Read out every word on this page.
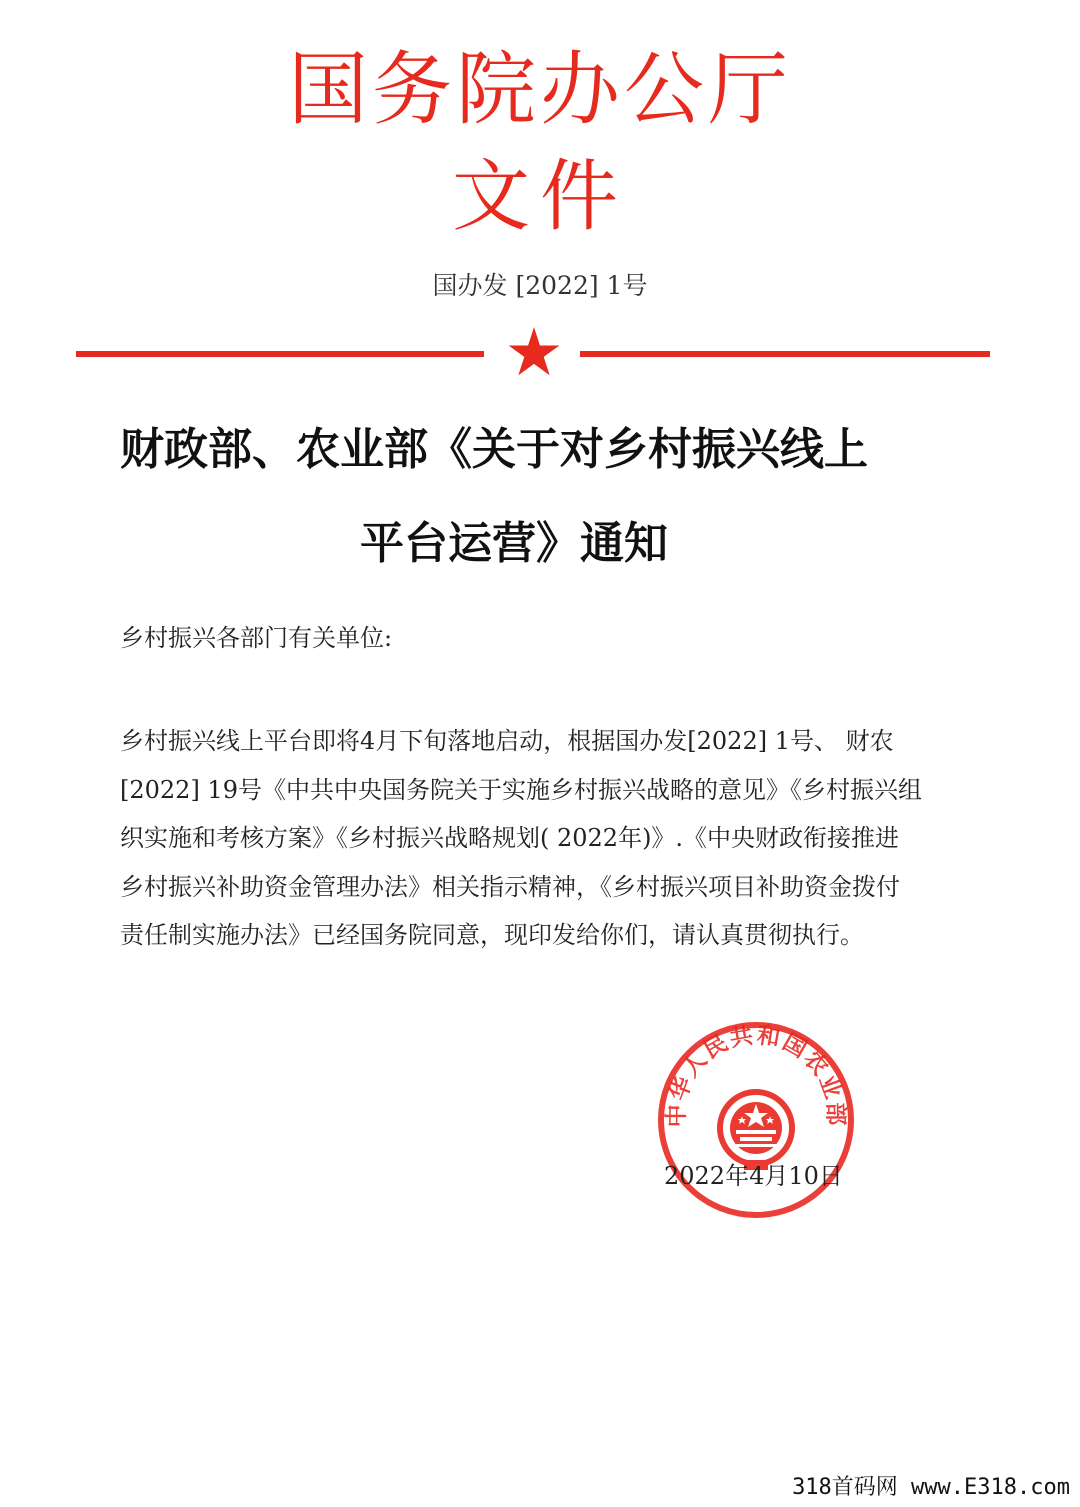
国务院办公厅
文件
国办发 [2022] 1号
财政部、农业部《关于对乡村振兴线上
平台运营》通知
乡村振兴各部门有关单位:
乡村振兴线上平台即将4月下旬落地启动，根据国办发[2022] 1号、 财农
[2022] 19号《中共中央国务院关于实施乡村振兴战略的意见》《乡村振兴组
织实施和考核方案》《乡村振兴战略规划( 2022年)》.《中央财政衔接推进
乡村振兴补助资金管理办法》相关指示精神，《乡村振兴项目补助资金拨付
责任制实施办法》已经国务院同意，现印发给你们，请认真贯彻执行。
中华人民共和国农业部
2022年4月10日
318首码网 www.E318.com
